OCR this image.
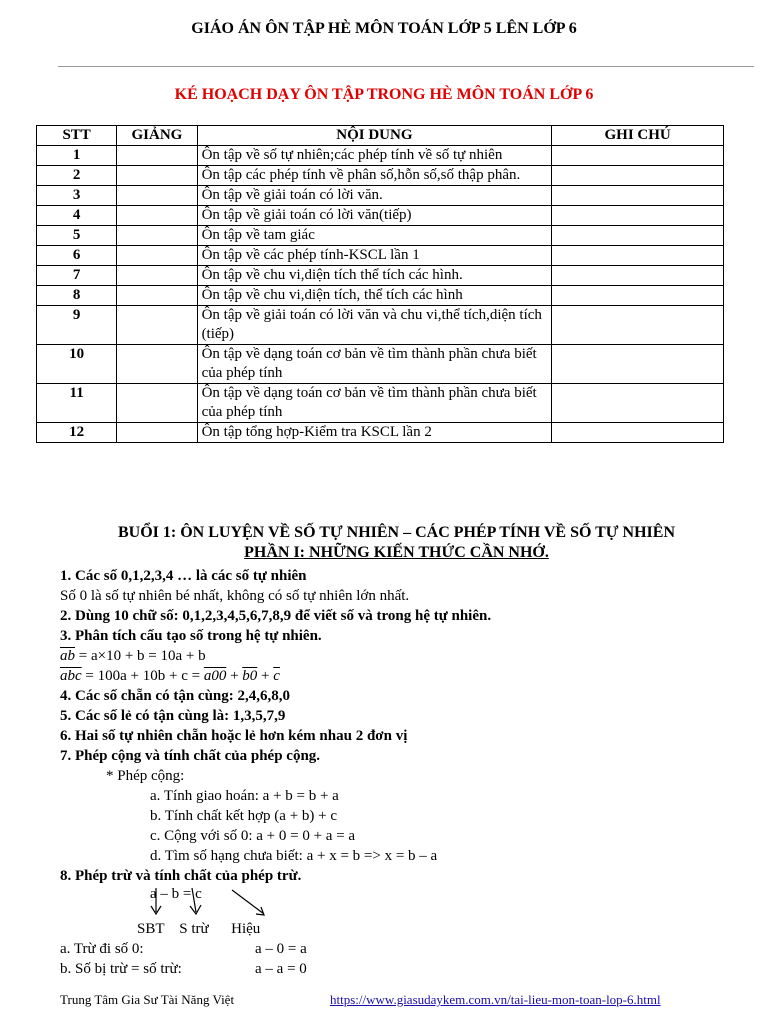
GIÁO ÁN ÔN TẬP HÈ MÔN TOÁN LỚP 5 LÊN LỚP 6
KÉ HOẠCH DẠY ÔN TẬP TRONG HÈ MÔN TOÁN LỚP 6
STT	GIẢNG	NỘI DUNG	GHI CHÚ
1		Ôn tập về số tự nhiên;các phép tính về số tự nhiên	
2		Ôn tập các phép tính về phân số,hỗn số,số thập phân.	
3		Ôn tập về giải toán có lời văn.	
4		Ôn tập về giải toán có lời văn(tiếp)	
5		Ôn tập về tam giác	
6		Ôn tập về các phép tính-KSCL lần 1	
7		Ôn tập về chu vi,diện tích thể tích các hình.	
8		Ôn tập về chu vi,diện tích, thể tích các hình	
9		Ôn tập về giải toán có lời văn và chu vi,thể tích,diện tích (tiếp)	
10		Ôn tập về dạng toán cơ bản về tìm thành phần chưa biết của phép tính	
11		Ôn tập về dạng toán cơ bản về tìm thành phần chưa biết của phép tính	
12		Ôn tập tổng hợp-Kiểm tra KSCL lần 2	
BUỔI 1: ÔN LUYỆN VỀ SỐ TỰ NHIÊN – CÁC PHÉP TÍNH VỀ SỐ TỰ NHIÊN
PHẦN I: NHỮNG KIẾN THỨC CẦN NHỚ.
1. Các số 0,1,2,3,4 … là các số tự nhiên
Số 0 là số tự nhiên bé nhất, không có số tự nhiên lớn nhất.
2. Dùng 10 chữ số: 0,1,2,3,4,5,6,7,8,9 để viết số và trong hệ tự nhiên.
3. Phân tích cấu tạo số trong hệ tự nhiên.
$\overline{ab} = a\times 10 + b = 10a + b$
$\overline{abc} = 100a + 10b + c = a00 + b0 + \overline{c}$
4. Các số chẵn có tận cùng: 2,4,6,8,0
5. Các số lẻ có tận cùng là: 1,3,5,7,9
6. Hai số tự nhiên chẵn hoặc lẻ hơn kém nhau 2 đơn vị
7. Phép cộng và tính chất của phép cộng.
* Phép cộng:
a. Tính giao hoán: a + b = b + a
b. Tính chất kết hợp (a + b) + c
c. Cộng với số 0: a + 0 = 0 + a = a
d. Tìm số hạng chưa biết: a + x = b => x = b – a
8. Phép trừ và tính chất của phép trừ.
a – b = c
SBT    S trừ      Hiệu
a. Trừ đi số 0:	a – 0 = a
b. Số bị trừ = số trừ:	a – a = 0
Trung Tâm Gia Sư Tài Năng Việt	https://www.giasudaykem.com.vn/tai-lieu-mon-toan-lop-6.html
